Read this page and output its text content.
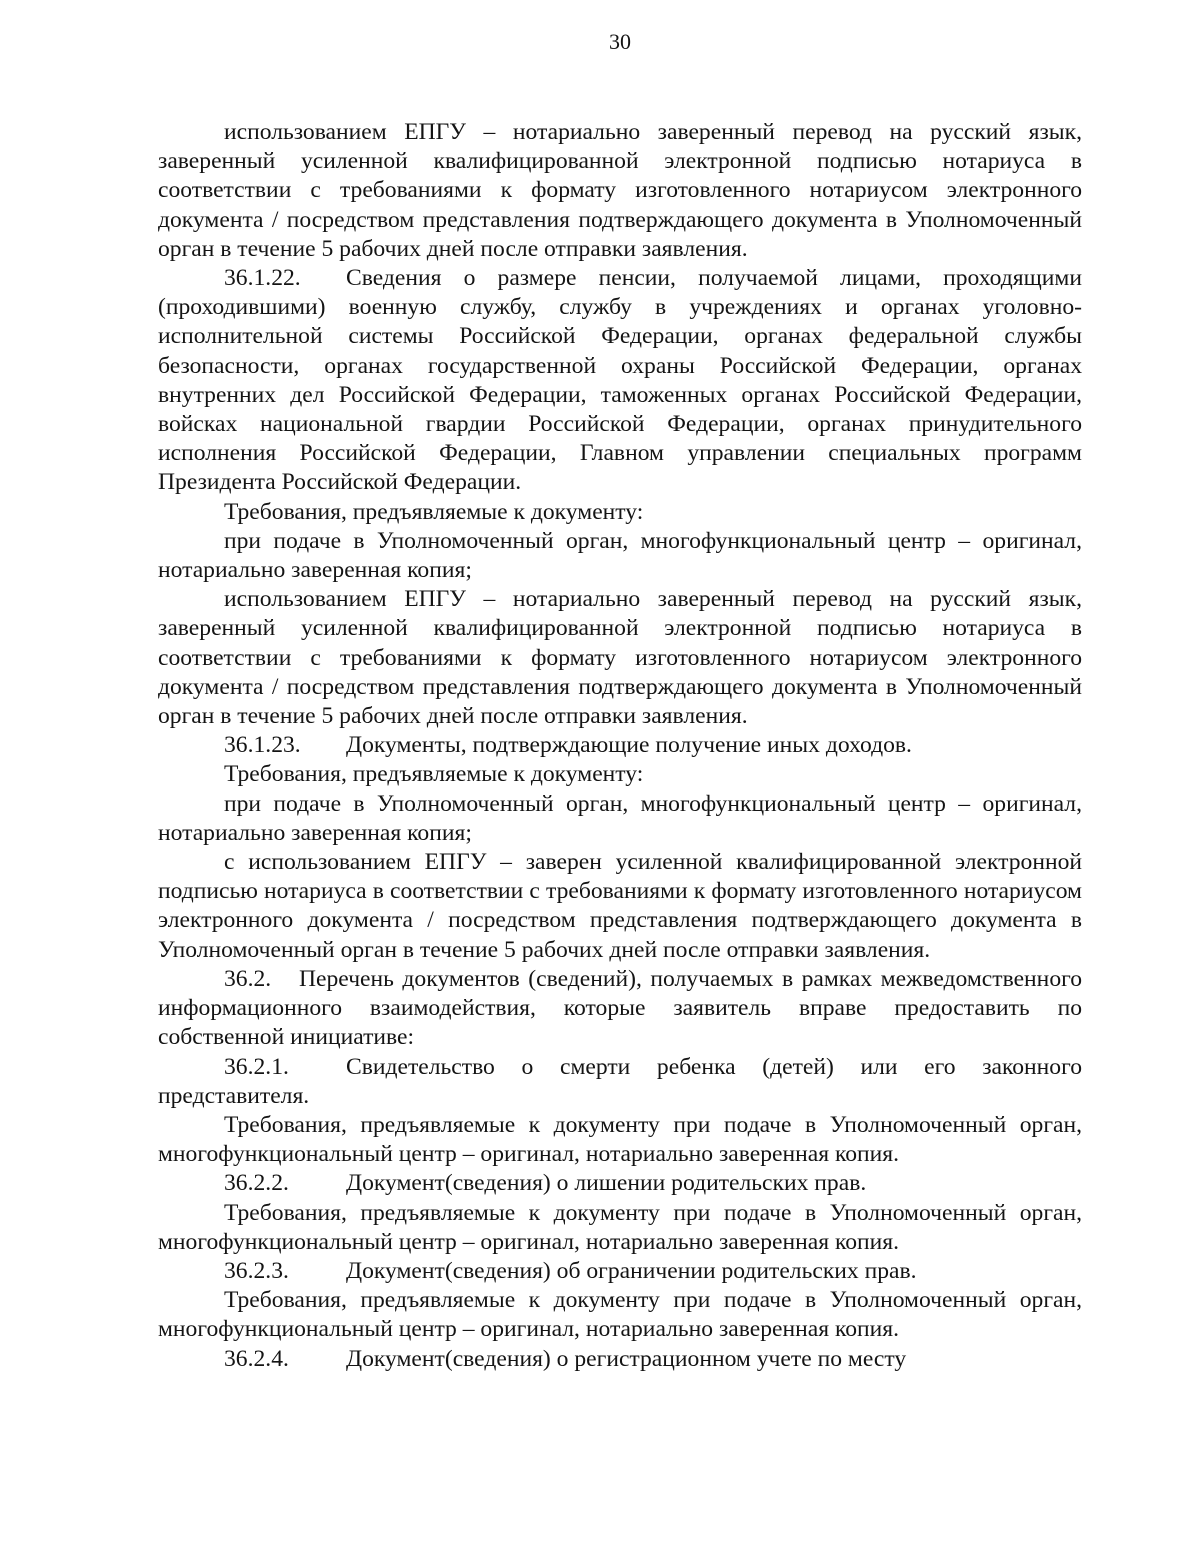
30

использованием ЕПГУ – нотариально заверенный перевод на русский язык, заверенный усиленной квалифицированной электронной подписью нотариуса в соответствии с требованиями к формату изготовленного нотариусом электронного документа / посредством представления подтверждающего документа в Уполномоченный орган в течение 5 рабочих дней после отправки заявления.

36.1.22. Сведения о размере пенсии, получаемой лицами, проходящими (проходившими) военную службу, службу в учреждениях и органах уголовно-исполнительной системы Российской Федерации, органах федеральной службы безопасности, органах государственной охраны Российской Федерации, органах внутренних дел Российской Федерации, таможенных органах Российской Федерации, войсках национальной гвардии Российской Федерации, органах принудительного исполнения Российской Федерации, Главном управлении специальных программ Президента Российской Федерации.

Требования, предъявляемые к документу:

при подаче в Уполномоченный орган, многофункциональный центр – оригинал, нотариально заверенная копия;

использованием ЕПГУ – нотариально заверенный перевод на русский язык, заверенный усиленной квалифицированной электронной подписью нотариуса в соответствии с требованиями к формату изготовленного нотариусом электронного документа / посредством представления подтверждающего документа в Уполномоченный орган в течение 5 рабочих дней после отправки заявления.

36.1.23. Документы, подтверждающие получение иных доходов.

Требования, предъявляемые к документу:

при подаче в Уполномоченный орган, многофункциональный центр – оригинал, нотариально заверенная копия;

с использованием ЕПГУ – заверен усиленной квалифицированной электронной подписью нотариуса в соответствии с требованиями к формату изготовленного нотариусом электронного документа / посредством представления подтверждающего документа в Уполномоченный орган в течение 5 рабочих дней после отправки заявления.

36.2. Перечень документов (сведений), получаемых в рамках межведомственного информационного взаимодействия, которые заявитель вправе предоставить по собственной инициативе:

36.2.1. Свидетельство о смерти ребенка (детей) или его законного представителя.

Требования, предъявляемые к документу при подаче в Уполномоченный орган, многофункциональный центр – оригинал, нотариально заверенная копия.

36.2.2. Документ(сведения) о лишении родительских прав.

Требования, предъявляемые к документу при подаче в Уполномоченный орган, многофункциональный центр – оригинал, нотариально заверенная копия.

36.2.3. Документ(сведения) об ограничении родительских прав.

Требования, предъявляемые к документу при подаче в Уполномоченный орган, многофункциональный центр – оригинал, нотариально заверенная копия.

36.2.4. Документ(сведения) о регистрационном учете по месту
